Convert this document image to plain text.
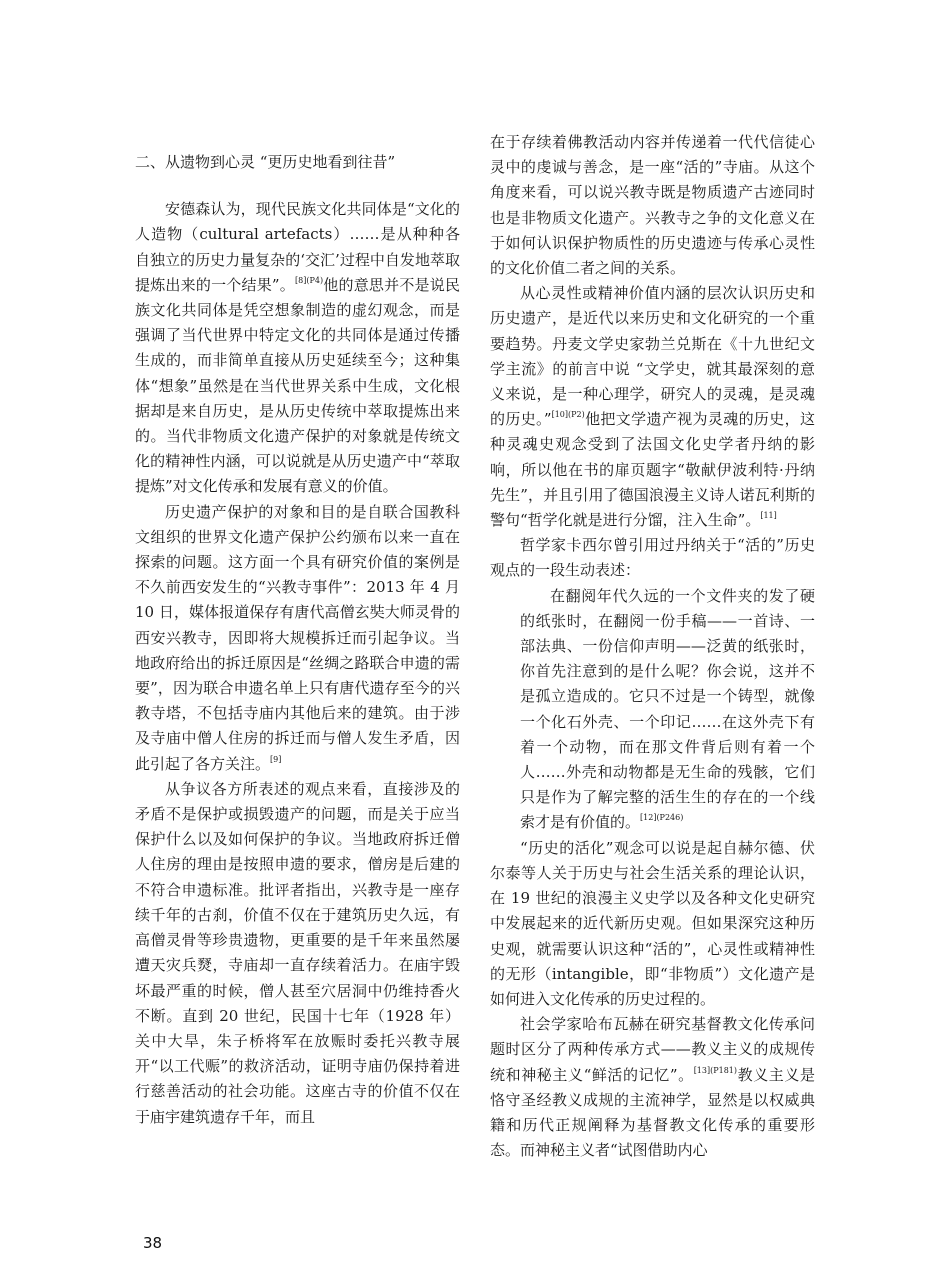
二、从遗物到心灵 “更历史地看到往昔”

安德森认为，现代民族文化共同体是“文化的人造物（cultural artefacts）……是从种种各自独立的历史力量复杂的‘交汇’过程中自发地萃取提炼出来的一个结果”。$^{[8](P4)}$他的意思并不是说民族文化共同体是凭空想象制造的虚幻观念，而是强调了当代世界中特定文化的共同体是通过传播生成的，而非简单直接从历史延续至今；这种集体“想象”虽然是在当代世界关系中生成，文化根据却是来自历史，是从历史传统中萃取提炼出来的。当代非物质文化遗产保护的对象就是传统文化的精神性内涵，可以说就是从历史遗产中“萃取提炼”对文化传承和发展有意义的价值。

历史遗产保护的对象和目的是自联合国教科文组织的世界文化遗产保护公约颁布以来一直在探索的问题。这方面一个具有研究价值的案例是不久前西安发生的“兴教寺事件”：2013 年 4 月 10 日，媒体报道保存有唐代高僧玄奘大师灵骨的西安兴教寺，因即将大规模拆迁而引起争议。当地政府给出的拆迁原因是“丝绸之路联合申遗的需要”，因为联合申遗名单上只有唐代遗存至今的兴教寺塔，不包括寺庙内其他后来的建筑。由于涉及寺庙中僧人住房的拆迁而与僧人发生矛盾，因此引起了各方关注。[9]

从争议各方所表述的观点来看，直接涉及的矛盾不是保护或损毁遗产的问题，而是关于应当保护什么以及如何保护的争议。当地政府拆迁僧人住房的理由是按照申遗的要求，僧房是后建的不符合申遗标准。批评者指出，兴教寺是一座存续千年的古刹，价值不仅在于建筑历史久远，有高僧灵骨等珍贵遗物，更重要的是千年来虽然屡遭天灾兵燹，寺庙却一直存续着活力。在庙宇毁坏最严重的时候，僧人甚至穴居洞中仍维持香火不断。直到 20 世纪，民国十七年（1928 年）关中大旱，朱子桥将军在放赈时委托兴教寺展开“以工代赈”的救济活动，证明寺庙仍保持着进行慈善活动的社会功能。这座古寺的价值不仅在于庙宇建筑遗存千年，而且

在于存续着佛教活动内容并传递着一代代信徒心灵中的虔诚与善念，是一座“活的”寺庙。从这个角度来看，可以说兴教寺既是物质遗产古迹同时也是非物质文化遗产。兴教寺之争的文化意义在于如何认识保护物质性的历史遗迹与传承心灵性的文化价值二者之间的关系。

从心灵性或精神价值内涵的层次认识历史和历史遗产，是近代以来历史和文化研究的一个重要趋势。丹麦文学史家勃兰兑斯在《十九世纪文学主流》的前言中说 “文学史，就其最深刻的意义来说，是一种心理学，研究人的灵魂，是灵魂的历史。”$^{[10](P2)}$他把文学遗产视为灵魂的历史，这种灵魂史观念受到了法国文化史学者丹纳的影响，所以他在书的扉页题字“敬献伊波利特·丹纳先生”，并且引用了德国浪漫主义诗人诺瓦利斯的警句“哲学化就是进行分馏，注入生命”。[11]

哲学家卡西尔曾引用过丹纳关于“活的”历史观点的一段生动表述：

在翻阅年代久远的一个文件夹的发了硬的纸张时，在翻阅一份手稿——一首诗、一部法典、一份信仰声明——泛黄的纸张时，你首先注意到的是什么呢？你会说，这并不是孤立造成的。它只不过是一个铸型，就像一个化石外壳、一个印记……在这外壳下有着一个动物，而在那文件背后则有着一个人……外壳和动物都是无生命的残骸，它们只是作为了解完整的活生生的存在的一个线索才是有价值的。$^{[12](P246)}$

“历史的活化”观念可以说是起自赫尔德、伏尔泰等人关于历史与社会生活关系的理论认识，在 19 世纪的浪漫主义史学以及各种文化史研究中发展起来的近代新历史观。但如果深究这种历史观，就需要认识这种“活的”，心灵性或精神性的无形（intangible，即“非物质”）文化遗产是如何进入文化传承的历史过程的。

社会学家哈布瓦赫在研究基督教文化传承问题时区分了两种传承方式——教义主义的成规传统和神秘主义“鲜活的记忆”。$^{[13](P181)}$教义主义是恪守圣经教义成规的主流神学，显然是以权威典籍和历代正规阐释为基督教文化传承的重要形态。而神秘主义者“试图借助内心

38
